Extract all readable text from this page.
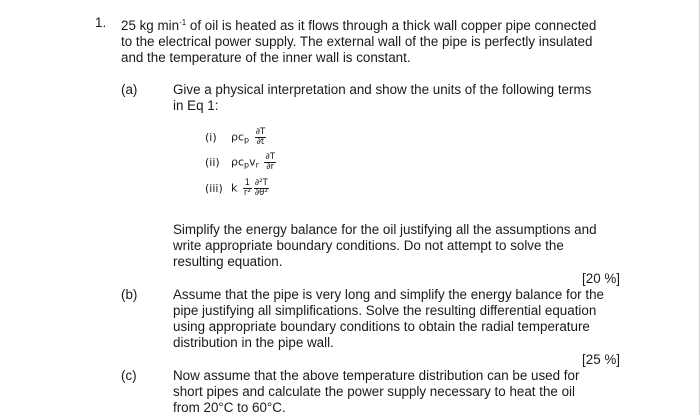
1. 25 kg $\min^{-1}$ of oil is heated as it flows through a thick wall copper pipe connected
to the electrical power supply. The external wall of the pipe is perfectly insulated
and the temperature of the inner wall is constant.
(a)	Give a physical interpretation and show the units of the following terms
in Eq 1:
(i) $\rho c_p \frac{\partial T}{\partial t}$
(ii) $\rho c_pv_r \frac{\partial T}{\partial r}$
(iii) k $\frac{1}{\text{r²}} \frac{\text{∂²T}}{\text{∂θ²}}$
Simplify the energy balance for the oil justifying all the assumptions and
write appropriate boundary conditions. Do not attempt to solve the
resulting equation.
[20 %]
(b)	Assume that the pipe is very long and simplify the energy balance for the
pipe justifying all simplifications. Solve the resulting differential equation
using appropriate boundary conditions to obtain the radial temperature
distribution in the pipe wall.
[25 %]
(c)	Now assume that the above temperature distribution can be used for
short pipes and calculate the power supply necessary to heat the oil
from 20°C to 60°C.
